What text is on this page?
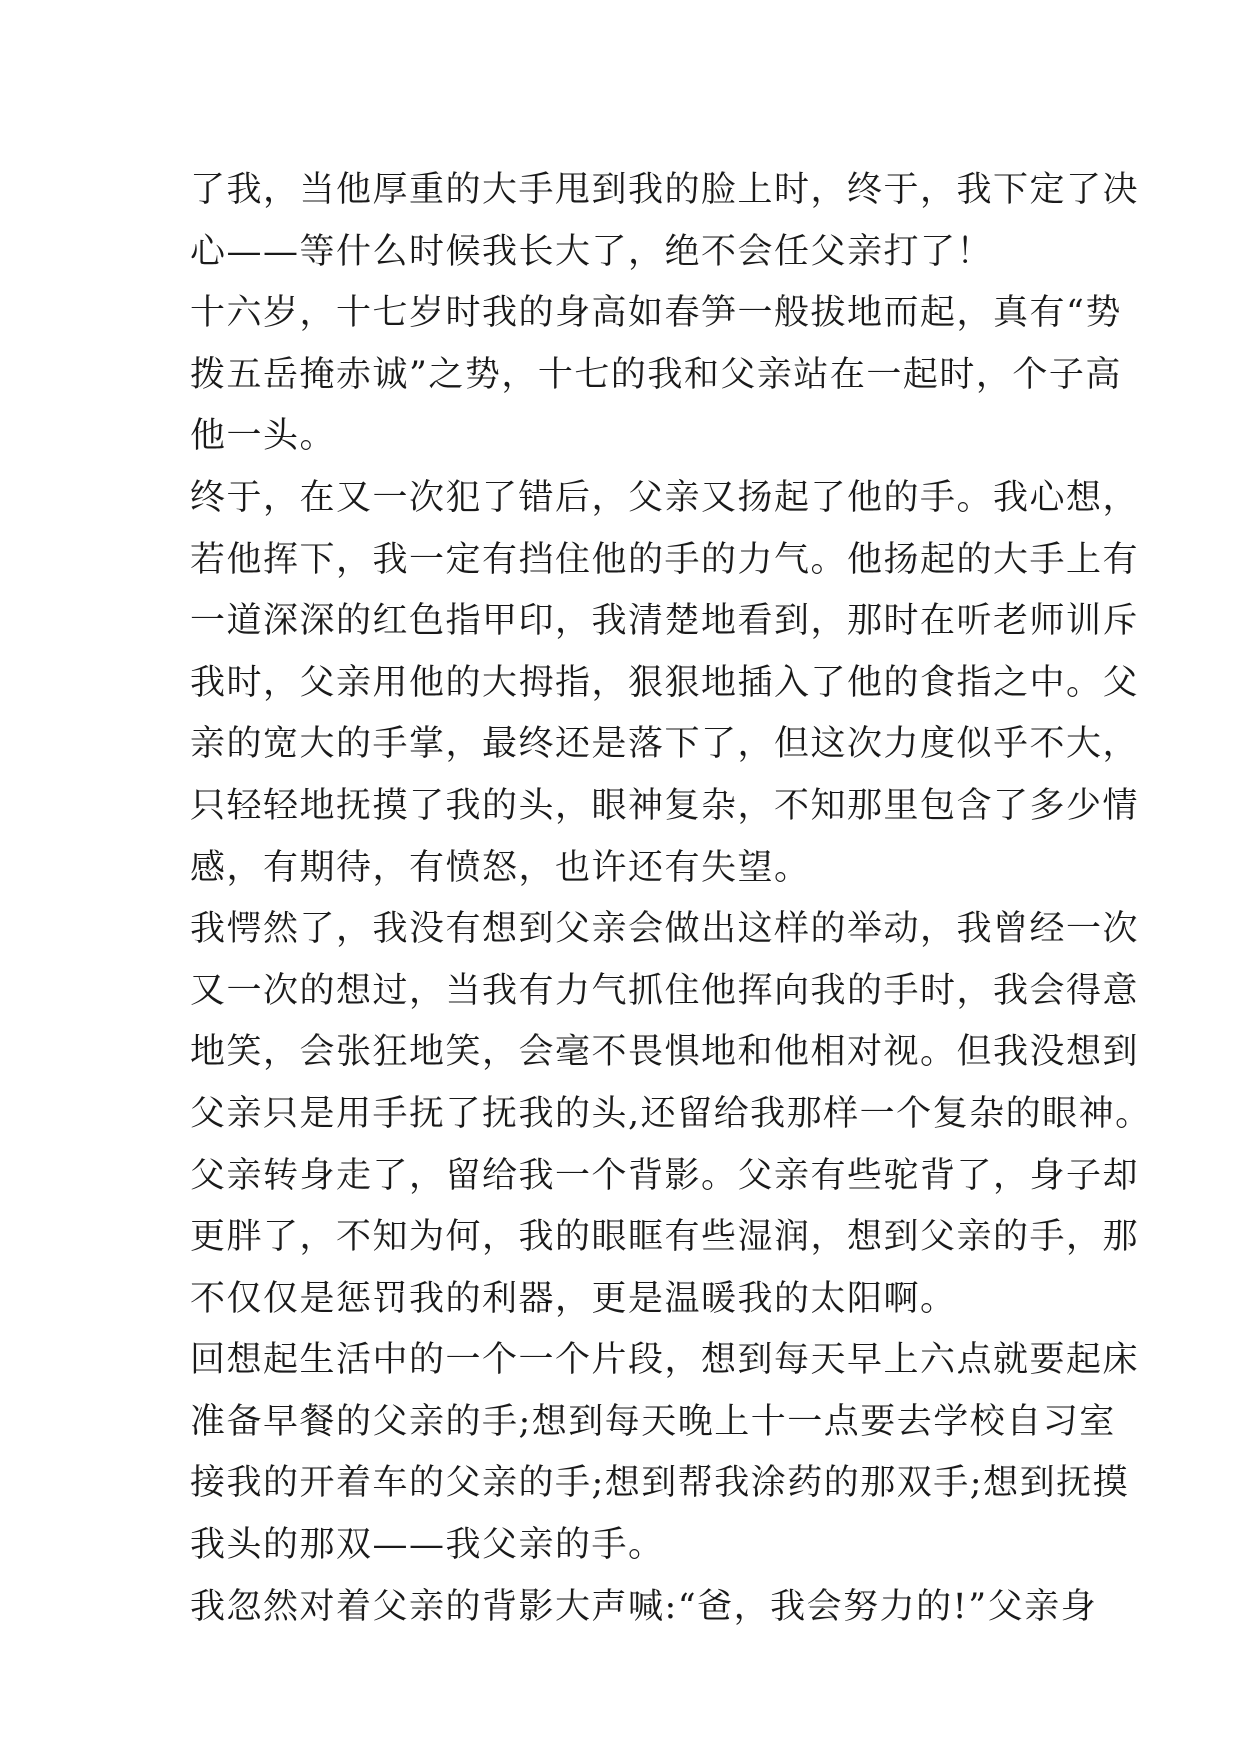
了我，当他厚重的大手甩到我的脸上时，终于，我下定了决
心——等什么时候我长大了，绝不会任父亲打了！
十六岁，十七岁时我的身高如春笋一般拔地而起，真有“势
拨五岳掩赤诚”之势，十七的我和父亲站在一起时，个子高
他一头。
终于，在又一次犯了错后，父亲又扬起了他的手。我心想，
若他挥下，我一定有挡住他的手的力气。他扬起的大手上有
一道深深的红色指甲印，我清楚地看到，那时在听老师训斥
我时，父亲用他的大拇指，狠狠地插入了他的食指之中。父
亲的宽大的手掌，最终还是落下了，但这次力度似乎不大，
只轻轻地抚摸了我的头，眼神复杂，不知那里包含了多少情
感，有期待，有愤怒，也许还有失望。
我愕然了，我没有想到父亲会做出这样的举动，我曾经一次
又一次的想过，当我有力气抓住他挥向我的手时，我会得意
地笑，会张狂地笑，会毫不畏惧地和他相对视。但我没想到
父亲只是用手抚了抚我的头,还留给我那样一个复杂的眼神。
父亲转身走了，留给我一个背影。父亲有些驼背了，身子却
更胖了，不知为何，我的眼眶有些湿润，想到父亲的手，那
不仅仅是惩罚我的利器，更是温暖我的太阳啊。
回想起生活中的一个一个片段，想到每天早上六点就要起床
准备早餐的父亲的手;想到每天晚上十一点要去学校自习室
接我的开着车的父亲的手;想到帮我涂药的那双手;想到抚摸
我头的那双——我父亲的手。
我忽然对着父亲的背影大声喊:“爸，我会努力的!”父亲身
